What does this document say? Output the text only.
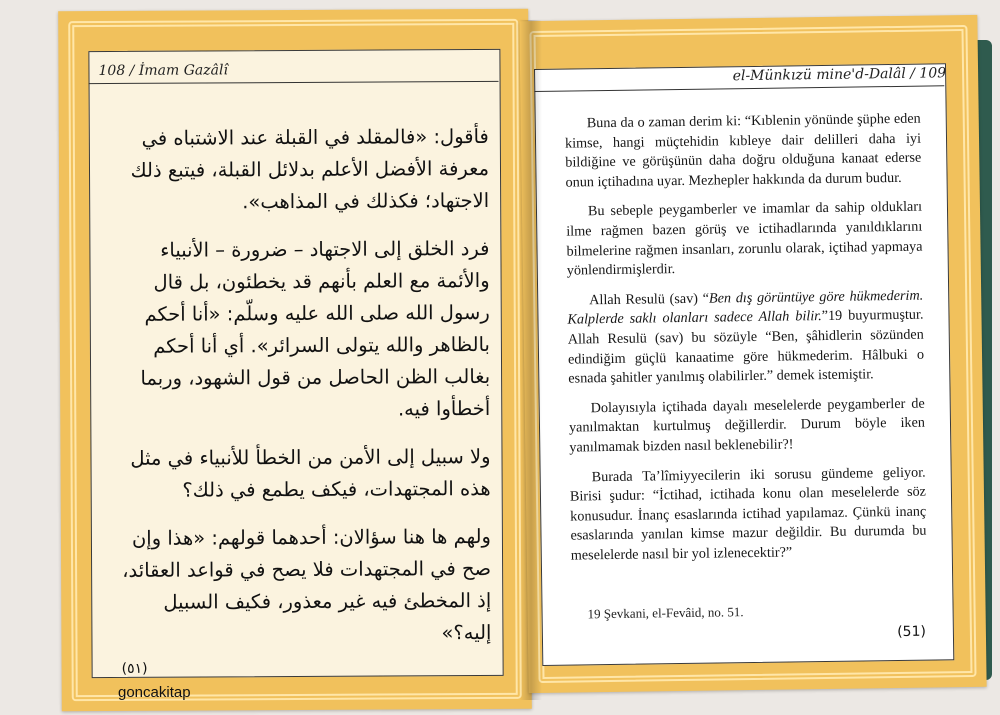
108 / İmam Gazâlî

فأقول: «فالمقلد في القبلة عند الاشتباه في معرفة الأفضل الأعلم بدلائل القبلة، فيتبع ذلك الاجتهاد؛ فكذلك في المذاهب».

فرد الخلق إلى الاجتهاد – ضرورة – الأنبياء والأئمة مع العلم بأنهم قد يخطئون، بل قال رسول الله صلى الله عليه وسلّم: «أنا أحكم بالظاهر والله يتولى السرائر». أي أنا أحكم بغالب الظن الحاصل من قول الشهود، وربما أخطأوا فيه.

ولا سبيل إلى الأمن من الخطأ للأنبياء في مثل هذه المجتهدات، فيكف يطمع في ذلك؟

ولهم ها هنا سؤالان: أحدهما قولهم: «هذا وإن صح في المجتهدات فلا يصح في قواعد العقائد، إذ المخطئ فيه غير معذور، فكيف السبيل إليه؟»

(٥١)
el-Münkızü mine'd-Dalâl / 109

Buna da o zaman derim ki: “Kıblenin yönünde şüphe eden kimse, hangi müçtehidin kıbleye dair delilleri daha iyi bildiğine ve görüşünün daha doğru olduğuna kanaat ederse onun içtihadına uyar. Mezhepler hakkında da durum budur.

Bu sebeple peygamberler ve imamlar da sahip oldukları ilme rağmen bazen görüş ve ictihadlarında yanıldıklarını bilmelerine rağmen insanları, zorunlu olarak, içtihad yapmaya yönlendirmişlerdir.

Allah Resulü (sav) “Ben dış görüntüye göre hükmederim. Kalplerde saklı olanları sadece Allah bilir.”19 buyurmuştur. Allah Resulü (sav) bu sözüyle “Ben, şâhidlerin sözünden edindiğim güçlü kanaatime göre hükmederim. Hâlbuki o esnada şahitler yanılmış olabilirler.” demek istemiştir.

Dolayısıyla içtihada dayalı meselelerde peygamberler de yanılmaktan kurtulmuş değillerdir. Durum böyle iken yanılmamak bizden nasıl beklenebilir?!

Burada Ta’lîmiyyecilerin iki sorusu gündeme geliyor. Birisi şudur: “İctihad, ictihada konu olan meselelerde söz konusudur. İnanç esaslarında ictihad yapılamaz. Çünkü inanç esaslarında yanılan kimse mazur değildir. Bu durumda bu meselelerde nasıl bir yol izlenecektir?”

19 Şevkani, el-Fevâid, no. 51.
(51)
goncakitap
